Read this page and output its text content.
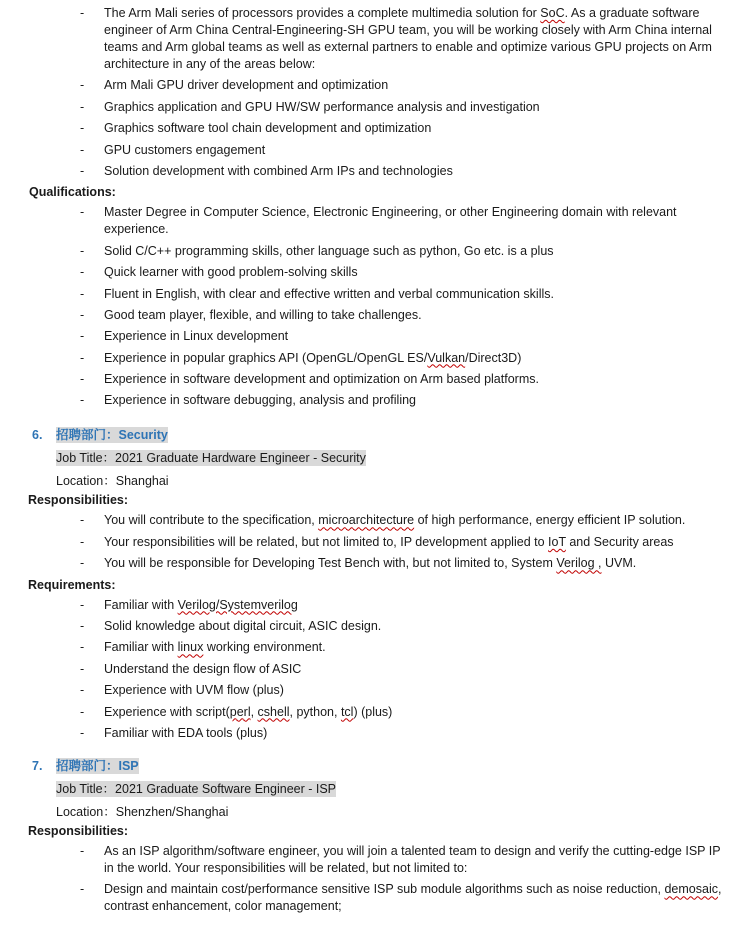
- The Arm Mali series of processors provides a complete multimedia solution for SoC. As a graduate software engineer of Arm China Central-Engineering-SH GPU team, you will be working closely with Arm China internal teams and Arm global teams as well as external partners to enable and optimize various GPU projects on Arm architecture in any of the areas below:
- Arm Mali GPU driver development and optimization
- Graphics application and GPU HW/SW performance analysis and investigation
- Graphics software tool chain development and optimization
- GPU customers engagement
- Solution development with combined Arm IPs and technologies
Qualifications:
- Master Degree in Computer Science, Electronic Engineering, or other Engineering domain with relevant experience.
- Solid C/C++ programming skills, other language such as python, Go etc. is a plus
- Quick learner with good problem-solving skills
- Fluent in English, with clear and effective written and verbal communication skills.
- Good team player, flexible, and willing to take challenges.
- Experience in Linux development
- Experience in popular graphics API (OpenGL/OpenGL ES/Vulkan/Direct3D)
- Experience in software development and optimization on Arm based platforms.
- Experience in software debugging, analysis and profiling
6. 招聘部门：Security
Job Title：2021 Graduate Hardware Engineer - Security
Location：Shanghai
Responsibilities:
- You will contribute to the specification, microarchitecture of high performance, energy efficient IP solution.
- Your responsibilities will be related, but not limited to, IP development applied to IoT and Security areas
- You will be responsible for Developing Test Bench with, but not limited to, System Verilog , UVM.
Requirements:
- Familiar with Verilog/Systemverilog
- Solid knowledge about digital circuit, ASIC design.
- Familiar with linux working environment.
- Understand the design flow of ASIC
- Experience with UVM flow (plus)
- Experience with script(perl, cshell, python, tcl) (plus)
- Familiar with EDA tools (plus)
7. 招聘部门：ISP
Job Title：2021 Graduate Software Engineer - ISP
Location：Shenzhen/Shanghai
Responsibilities:
- As an ISP algorithm/software engineer, you will join a talented team to design and verify the cutting-edge ISP IP in the world. Your responsibilities will be related, but not limited to:
- Design and maintain cost/performance sensitive ISP sub module algorithms such as noise reduction, demosaic, contrast enhancement, color management;
